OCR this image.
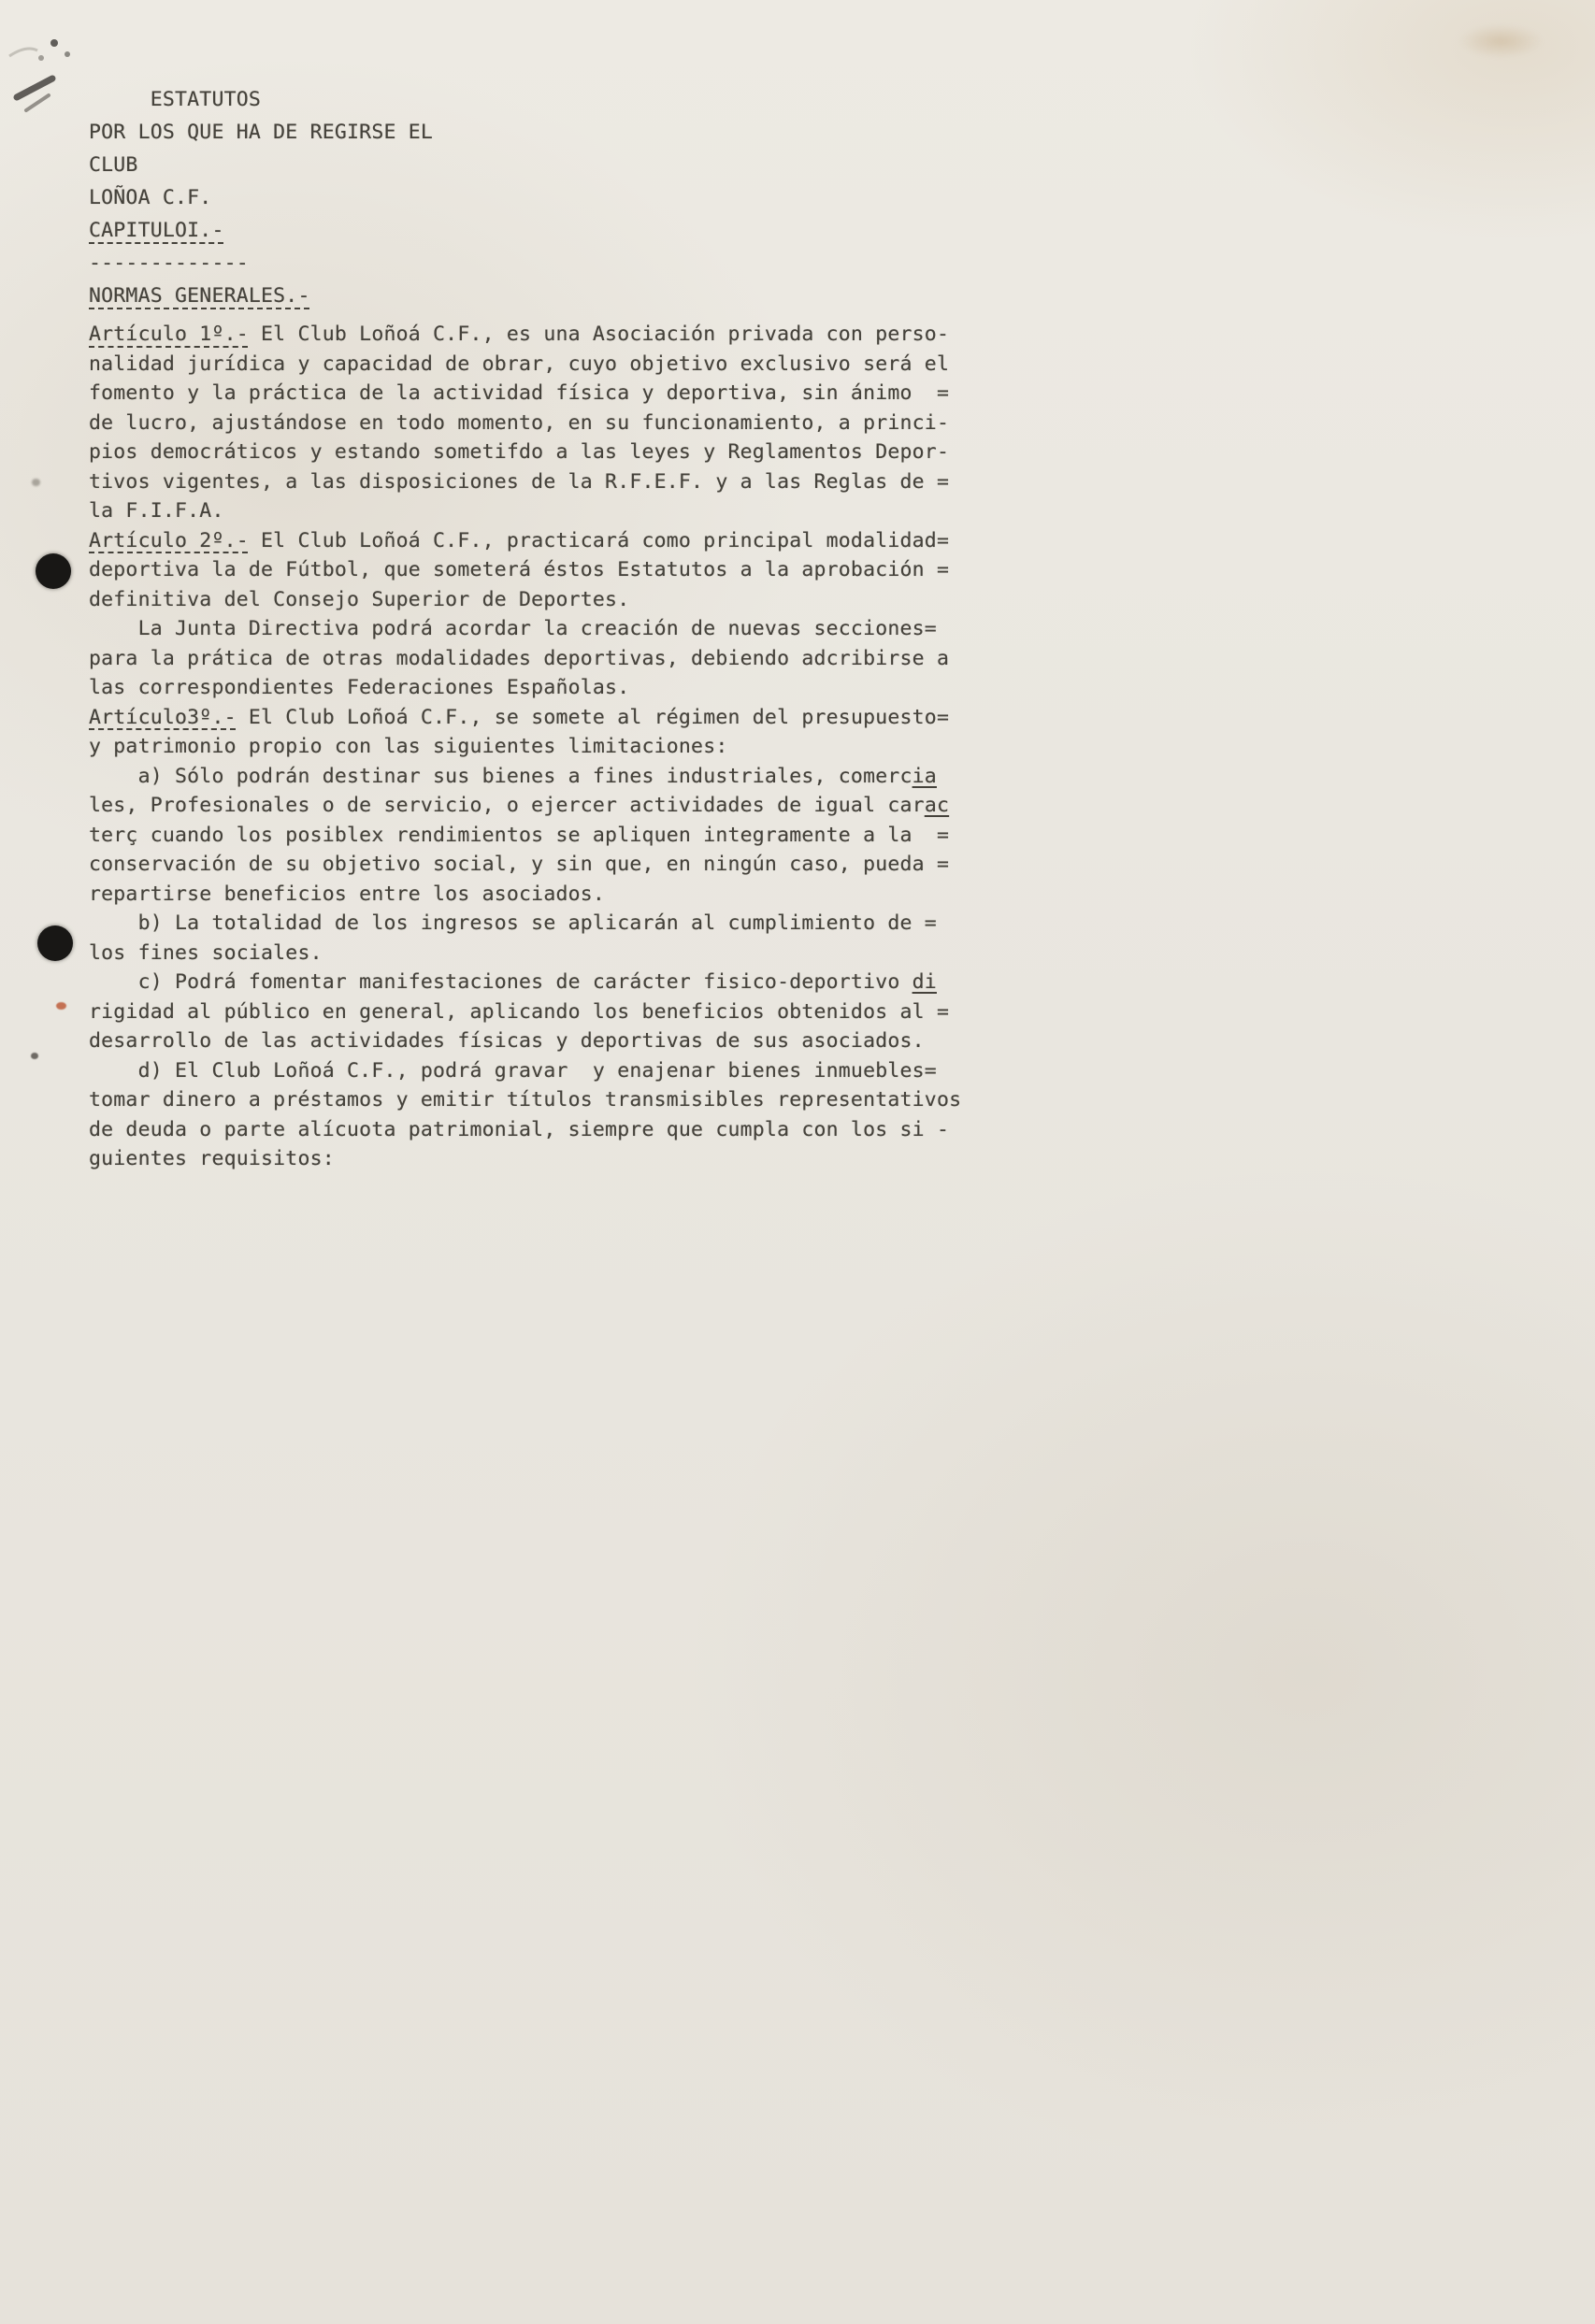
ESTATUTOS
POR LOS QUE HA DE REGIRSE EL
CLUB
LOÑOA C.F.
CAPITULOI.-
-------------
NORMAS GENERALES.-
Artículo 1º.- El Club Loñoá C.F., es una Asociación privada con perso-
nalidad jurídica y capacidad de obrar, cuyo objetivo exclusivo será el
fomento y la práctica de la actividad física y deportiva, sin ánimo  =
de lucro, ajustándose en todo momento, en su funcionamiento, a princi-
pios democráticos y estando sometifdo a las leyes y Reglamentos Depor-
tivos vigentes, a las disposiciones de la R.F.E.F. y a las Reglas de =
la F.I.F.A.
Artículo 2º.- El Club Loñoá C.F., practicará como principal modalidad=
deportiva la de Fútbol, que someterá éstos Estatutos a la aprobación =
definitiva del Consejo Superior de Deportes.
La Junta Directiva podrá acordar la creación de nuevas secciones=
para la prática de otras modalidades deportivas, debiendo adcribirse a
las correspondientes Federaciones Españolas.
Artículo3º.- El Club Loñoá C.F., se somete al régimen del presupuesto=
y patrimonio propio con las siguientes limitaciones:
a) Sólo podrán destinar sus bienes a fines industriales, comercia
les, Profesionales o de servicio, o ejercer actividades de igual carac
terç cuando los posiblex rendimientos se apliquen integramente a la  =
conservación de su objetivo social, y sin que, en ningún caso, pueda =
repartirse beneficios entre los asociados.
b) La totalidad de los ingresos se aplicarán al cumplimiento de =
los fines sociales.
c) Podrá fomentar manifestaciones de carácter fisico-deportivo di
rigidad al público en general, aplicando los beneficios obtenidos al =
desarrollo de las actividades físicas y deportivas de sus asociados.
d) El Club Loñoá C.F., podrá gravar  y enajenar bienes inmuebles=
tomar dinero a préstamos y emitir títulos transmisibles representativos
de deuda o parte alícuota patrimonial, siempre que cumpla con los si -
guientes requisitos:
